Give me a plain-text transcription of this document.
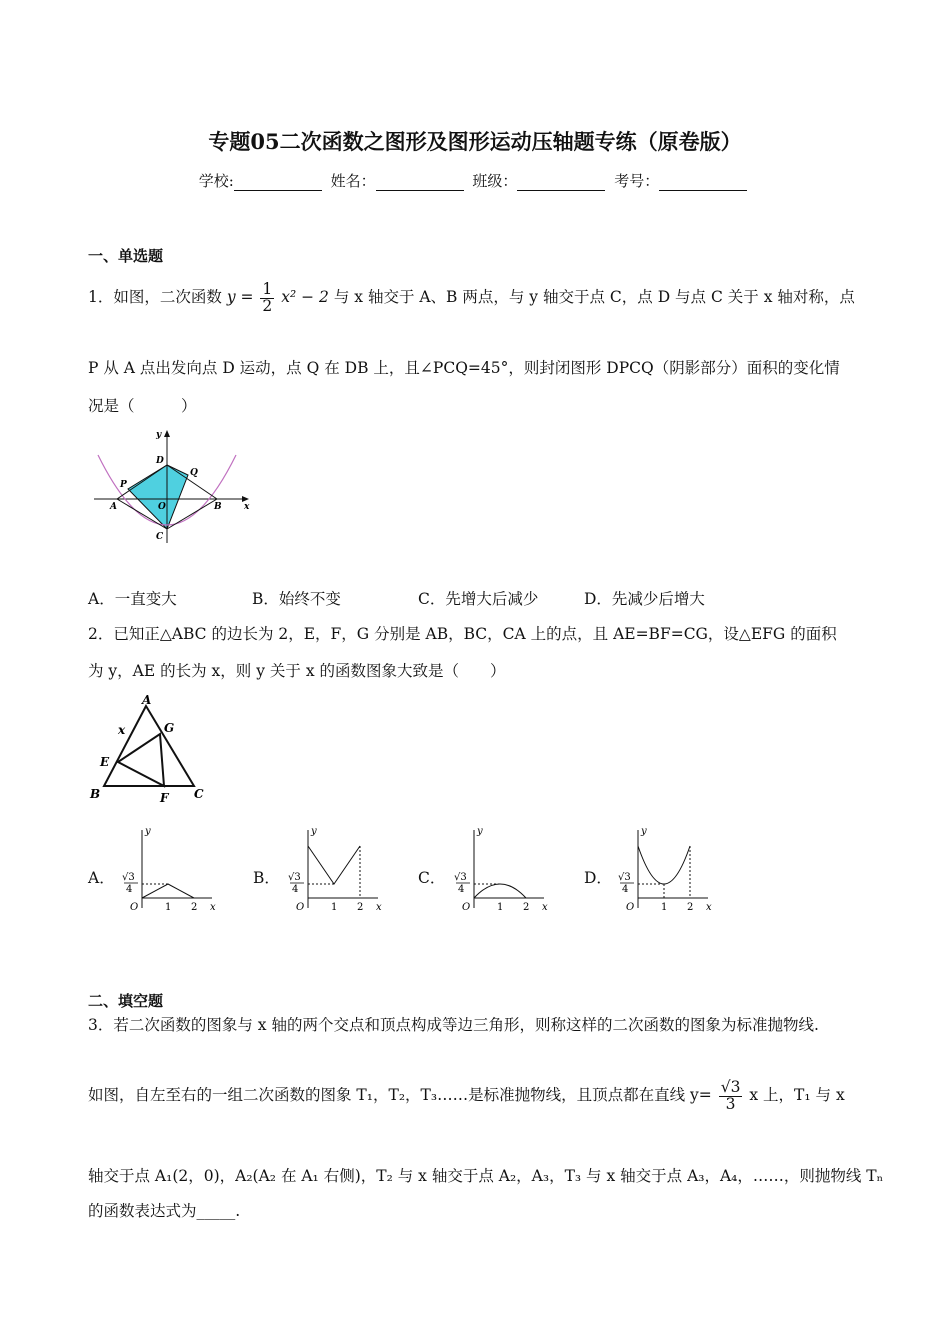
专题05二次函数之图形及图形运动压轴题专练（原卷版）
学校:	姓名：	班级：	考号：
一、单选题
1．如图，二次函数 $y = \frac{1}{2} x^2 - 2$ 与 x 轴交于 A、B 两点，与 y 轴交于点 C，点 D 与点 C 关于 x 轴对称，点
P 从 A 点出发向点 D 运动，点 Q 在 DB 上，且∠PCQ=45°，则封闭图形 DPCQ（阴影部分）面积的变化情
况是（　　　）
y
x
D
P
Q
A	O	B
C
A．一直变大	B．始终不变	C．先增大后减少	D．先减少后增大
2．已知正△ABC 的边长为 2，E，F，G 分别是 AB，BC，CA 上的点，且 AE=BF=CG，设△EFG 的面积
为 y，AE 的长为 x，则 y 关于 x 的函数图象大致是（　　）
A
B	C
E
F
G
x
A．
y
x
√3
4
O	1 2
B．
y
x
√3
4
O	1 2
C．
y
x
√3
4
O	1 2
D．
y
x
√3
4
O	1 2
二、填空题
3．若二次函数的图象与 x 轴的两个交点和顶点构成等边三角形，则称这样的二次函数的图象为标准抛物线.
如图，自左至右的一组二次函数的图象 T₁，T₂，T₃……是标准抛物线，且顶点都在直线 $y= \frac{√3}{3}$ x 上，T₁ 与 x
轴交于点 A₁(2，0)，A₂(A₂ 在 A₁ 右侧)，T₂ 与 x 轴交于点 A₂，A₃，T₃ 与 x 轴交于点 A₃，A₄，……，则抛物线 Tₙ
的函数表达式为_____.
